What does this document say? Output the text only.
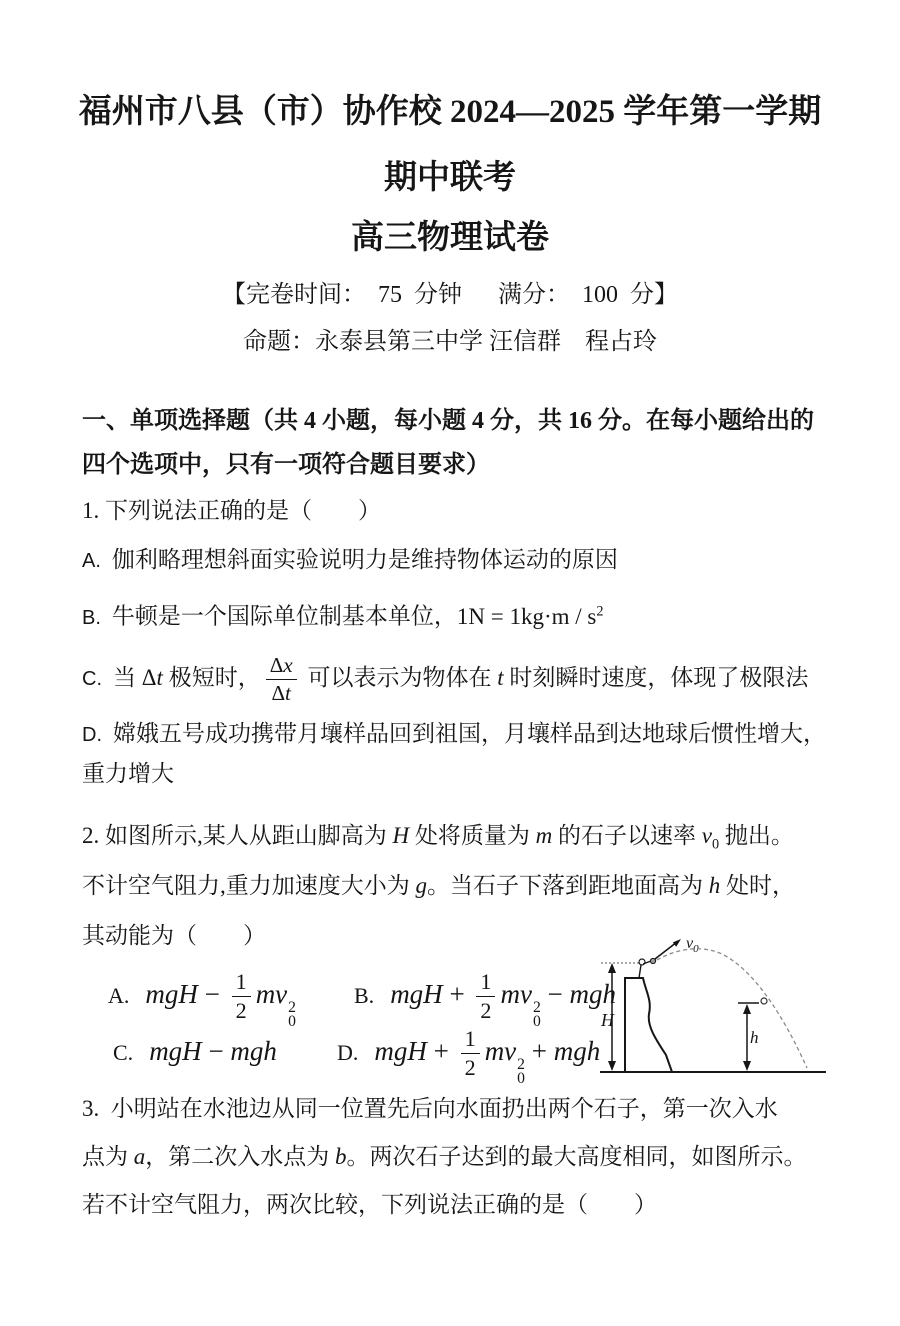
福州市八县（市）协作校 2024—2025 学年第一学期
期中联考
高三物理试卷
【完卷时间：  75  分钟      满分：  100  分】
命题：永泰县第三中学 汪信群　程占玲
一、单项选择题（共 4 小题，每小题 4 分，共 16 分。在每小题给出的
四个选项中，只有一项符合题目要求）
1. 下列说法正确的是（　　）
A. 伽利略理想斜面实验说明力是维持物体运动的原因
B. 牛顿是一个国际单位制基本单位，$1N = 1kg\cdot m / s^2$
C. 当 Δt 极短时， $\frac{\Delta x}{\Delta t}$ 可以表示为物体在 t 时刻瞬时速度，体现了极限法
D. 嫦娥五号成功携带月壤样品回到祖国，月壤样品到达地球后惯性增大，
重力增大
2. 如图所示,某人从距山脚高为 H 处将质量为 m 的石子以速率 $v_0$ 抛出。
不计空气阻力,重力加速度大小为 g。当石子下落到距地面高为 h 处时，
其动能为（　　）

A. mgH − $\frac{1}{2}$ mv 2
0

B. mgH + $\frac{1}{2}$ mv 2
0
− mgh

C. mgH − mgh

	D. mgH + $\frac{1}{2}$ mv 2
0
+ mgh

H
$v_0$
h
3.  小明站在水池边从同一位置先后向水面扔出两个石子，第一次入水
点为 a，第二次入水点为 b。两次石子达到的最大高度相同，如图所示。
若不计空气阻力，两次比较，下列说法正确的是（　　）
